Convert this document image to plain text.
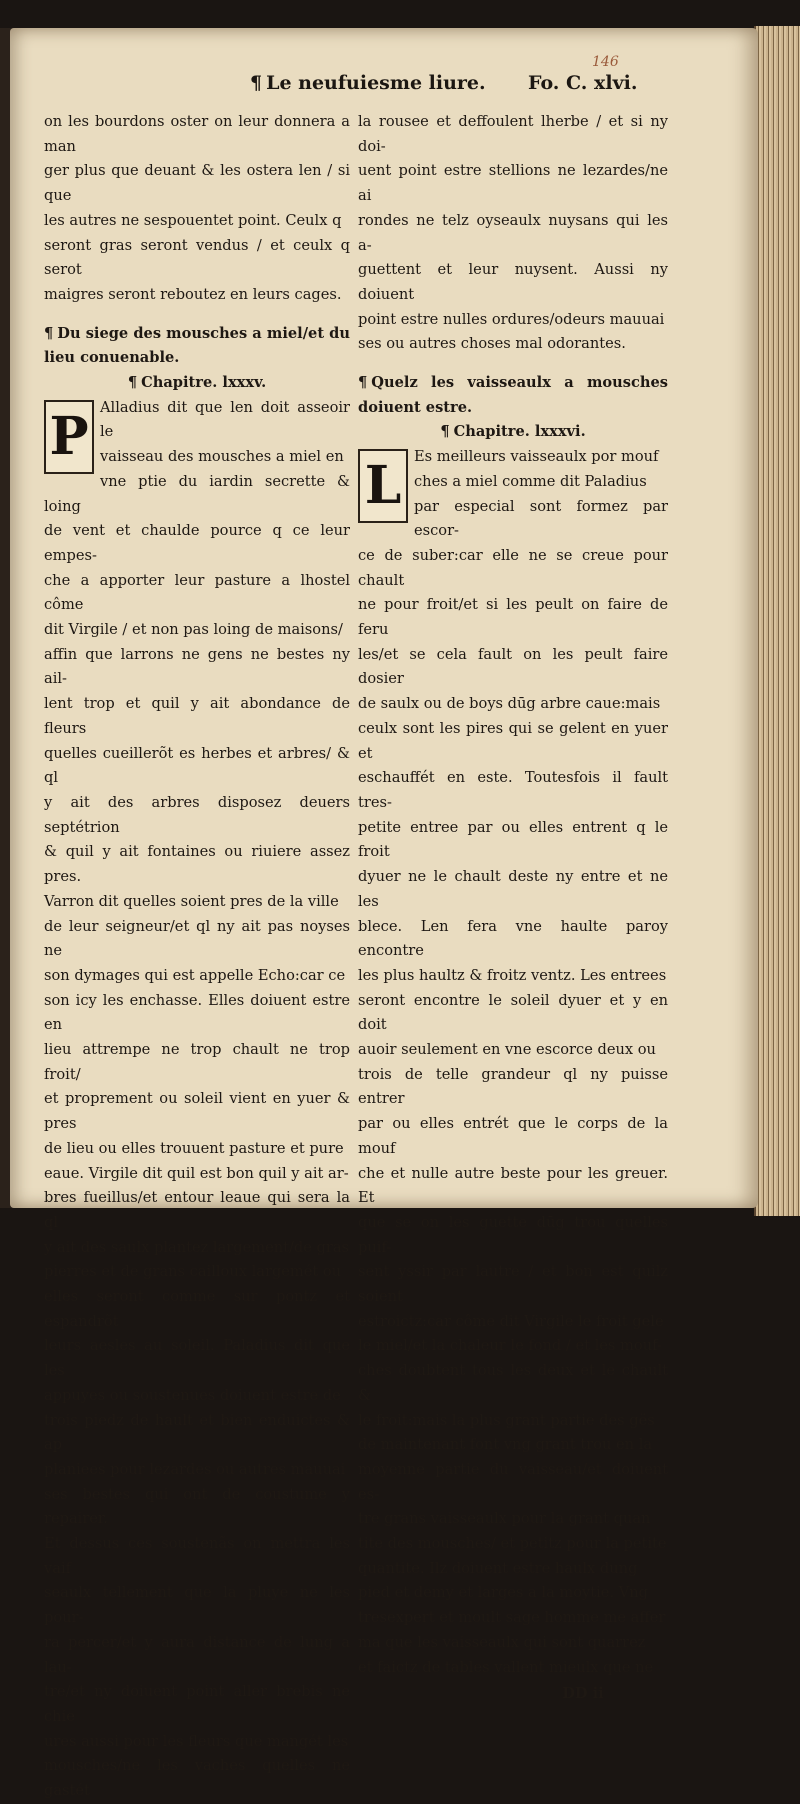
146
¶ Le neufuiesme liure. Fo. C. xlvi.

on les bourdons oster on leur donnera a man

ger plus que deuant & les ostera len / si que

les autres ne sespouentet point. Ceulx q

seront gras seront vendus / et ceulx q serot

maigres seront reboutez en leurs cages.

¶ Du siege des mousches a miel/et du lieu conuenable.

¶ Chapitre. lxxxv.

P Alladius dit que len doit asseoir le

vaisseau des mousches a miel en

vne ptie du iardin secrette & loing

de vent et chaulde pource q ce leur empes-

che a apporter leur pasture a lhostel côme

dit Virgile / et non pas loing de maisons/

affin que larrons ne gens ne bestes ny ail-

lent trop et quil y ait abondance de fleurs

quelles cueillerõt es herbes et arbres/ & ql

y ait des arbres disposez deuers septétrion

& quil y ait fontaines ou riuiere assez pres.

Varron dit quelles soient pres de la ville

de leur seigneur/et ql ny ait pas noyses ne

son dymages qui est appelle Echo:car ce

son icy les enchasse. Elles doiuent estre en

lieu attrempe ne trop chault ne trop froit/

et proprement ou soleil vient en yuer & pres

de lieu ou elles trouuent pasture et pure

eaue. Virgile dit quil est bon quil y ait ar-

bres fueillus/et entour leaue qui sera la ql

y ait des saulx plantez largement/de gras

pierres et de grans cailloux largemét ou

elles seront comme sur pontz et espandrõt

leurs aesles au soleil. Paladius dit que les

appuyes ou soustenues doiuent estre de

trois piedz de hault et bien enduictes & ap

planiees pour lezardes ou autres mauuai

ses bestes qui ont de coustume y repairer.

Et dessus ces soustenãs on mettra les vaif

seaulx tellement que la pluye ne les pour-

ra percer/et y aura distance de lung a lau-

tre/et ny doiuent point aller brebis ne chie

ures aussi pour les fleurs que mangét les

mousches/ne les vaches quelles ne gastét

la rousee et deffoulent lherbe / et si ny doi-

uent point estre stellions ne lezardes/ne ai

rondes ne telz oyseaulx nuysans qui les a-

guettent et leur nuysent. Aussi ny doiuent

point estre nulles ordures/odeurs mauuai

ses ou autres choses mal odorantes.

¶ Quelz les vaisseaulx a mousches doiuent estre.

¶ Chapitre. lxxxvi.

L Es meilleurs vaisseaulx por mouf

ches a miel comme dit Paladius

par especial sont formez par escor-

ce de suber:car elle ne se creue pour chault

ne pour froit/et si les peult on faire de feru

les/et se cela fault on les peult faire dosier

de saulx ou de boys dūg arbre caue:mais

ceulx sont les pires qui se gelent en yuer et

eschauffét en este. Toutesfois il fault tres-

petite entree par ou elles entrent q le froit

dyuer ne le chault deste ny entre et ne les

blece. Len fera vne haulte paroy encontre

les plus haultz & froitz ventz. Les entrees

seront encontre le soleil dyuer et y en doit

auoir seulement en vne escorce deux ou

trois de telle grandeur ql ny puisse entrer

par ou elles entrét que le corps de la mouf

che et nulle autre beste pour les greuer. Et

que se on les guette dūg trou quelles puif-

sent yssir par lautre / et bon est quilz soient

estroictz:car côme dit Virgile le froit gele

le miel/et la chaleur le fond / et les mouf-

ches doubtent tous les deux et le chault &

le froit:mais la plus grant partie des gës

de maintenant font vng grant trou en la

moyenne partie du vaisseau/et doiuent es-

tre grans vaisseaulx pour la grant quan

tite des mousches/ et petitz pour la petite

quantite. Ilz doiuent estre haulx dung

pied et demy et larges a la moytie. Vng

tresexpert et moult sage homme me affer

ma que les vaisseaulx qui sont quarrez

et faictz de tables vallent mieulx que ne

DD ii
